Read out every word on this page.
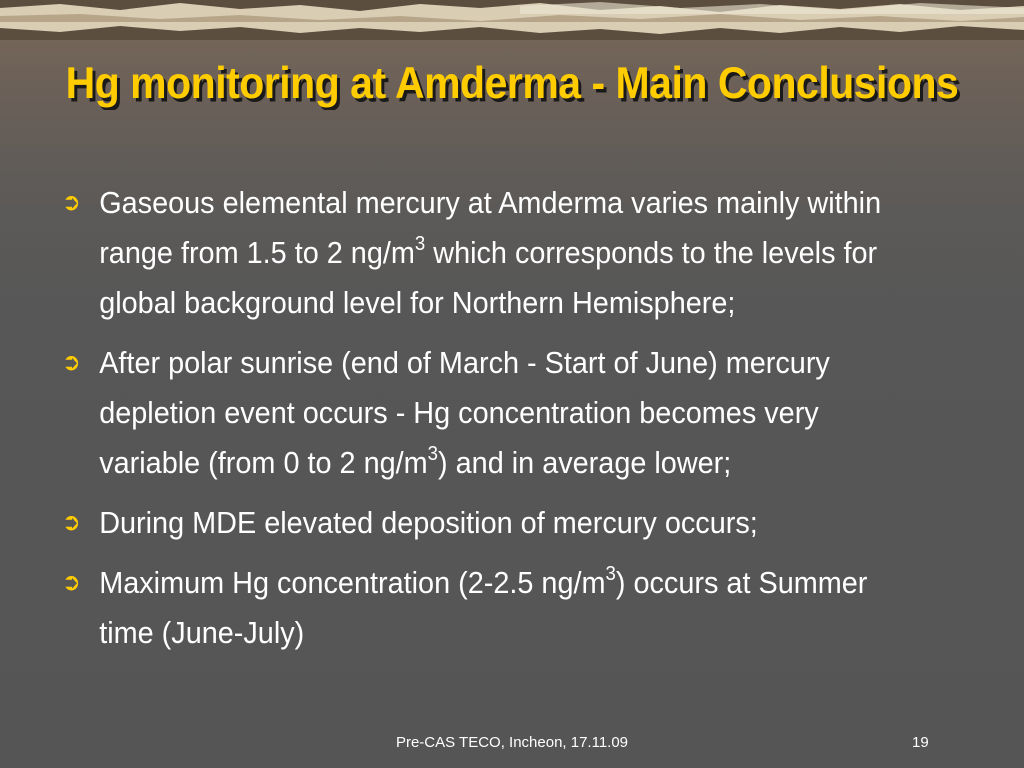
Hg monitoring at Amderma - Main Conclusions
➲ Gaseous elemental mercury at Amderma varies mainly within range from 1.5 to 2 $ng/m^3$ which corresponds to the levels for global background level for Northern Hemisphere;
➲ After polar sunrise (end of March - Start of June) mercury depletion event occurs - Hg concentration becomes very variable (from 0 to 2 $ng/m^3$) and in average lower;
➲ During MDE elevated deposition of mercury occurs;
➲ Maximum Hg concentration (2-2.5 $ng/m^3$) occurs at Summer time (June-July)
Pre-CAS TECO, Incheon, 17.11.09	19
